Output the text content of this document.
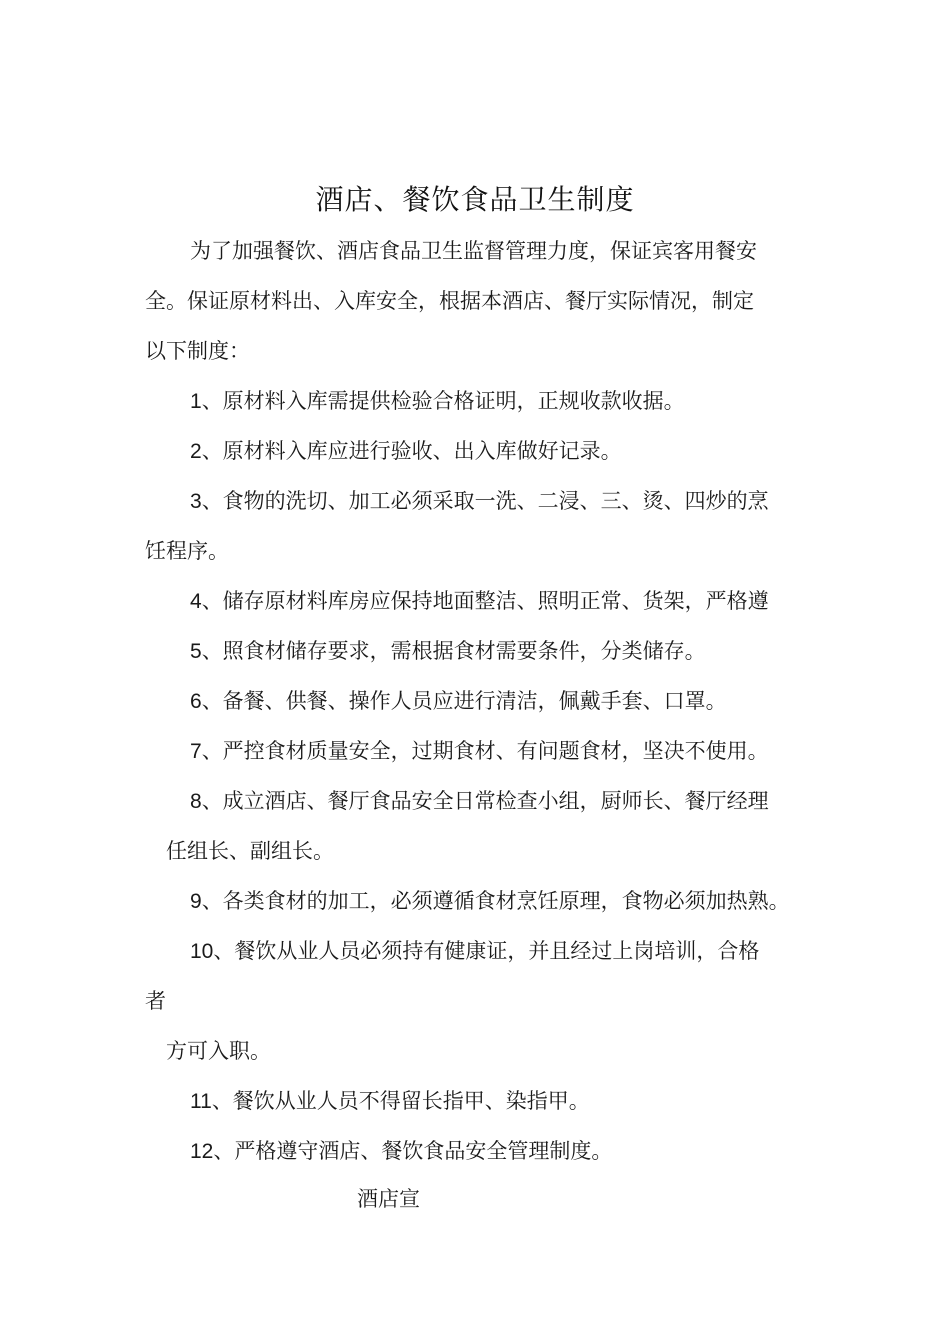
酒店、餐饮食品卫生制度
为了加强餐饮、酒店食品卫生监督管理力度，保证宾客用餐安
全。保证原材料出、入库安全，根据本酒店、餐厅实际情况，制定
以下制度：
1、原材料入库需提供检验合格证明，正规收款收据。
2、原材料入库应进行验收、出入库做好记录。
3、食物的洗切、加工必须采取一洗、二浸、三、烫、四炒的烹
饪程序。
4、储存原材料库房应保持地面整洁、照明正常、货架，严格遵
5、照食材储存要求，需根据食材需要条件，分类储存。
6、备餐、供餐、操作人员应进行清洁，佩戴手套、口罩。
7、严控食材质量安全，过期食材、有问题食材，坚决不使用。
8、成立酒店、餐厅食品安全日常检查小组，厨师长、餐厅经理
任组长、副组长。
9、各类食材的加工，必须遵循食材烹饪原理，食物必须加热熟。
10、餐饮从业人员必须持有健康证，并且经过上岗培训，合格
者
方可入职。
11、餐饮从业人员不得留长指甲、染指甲。
12、严格遵守酒店、餐饮食品安全管理制度。
酒店宣
